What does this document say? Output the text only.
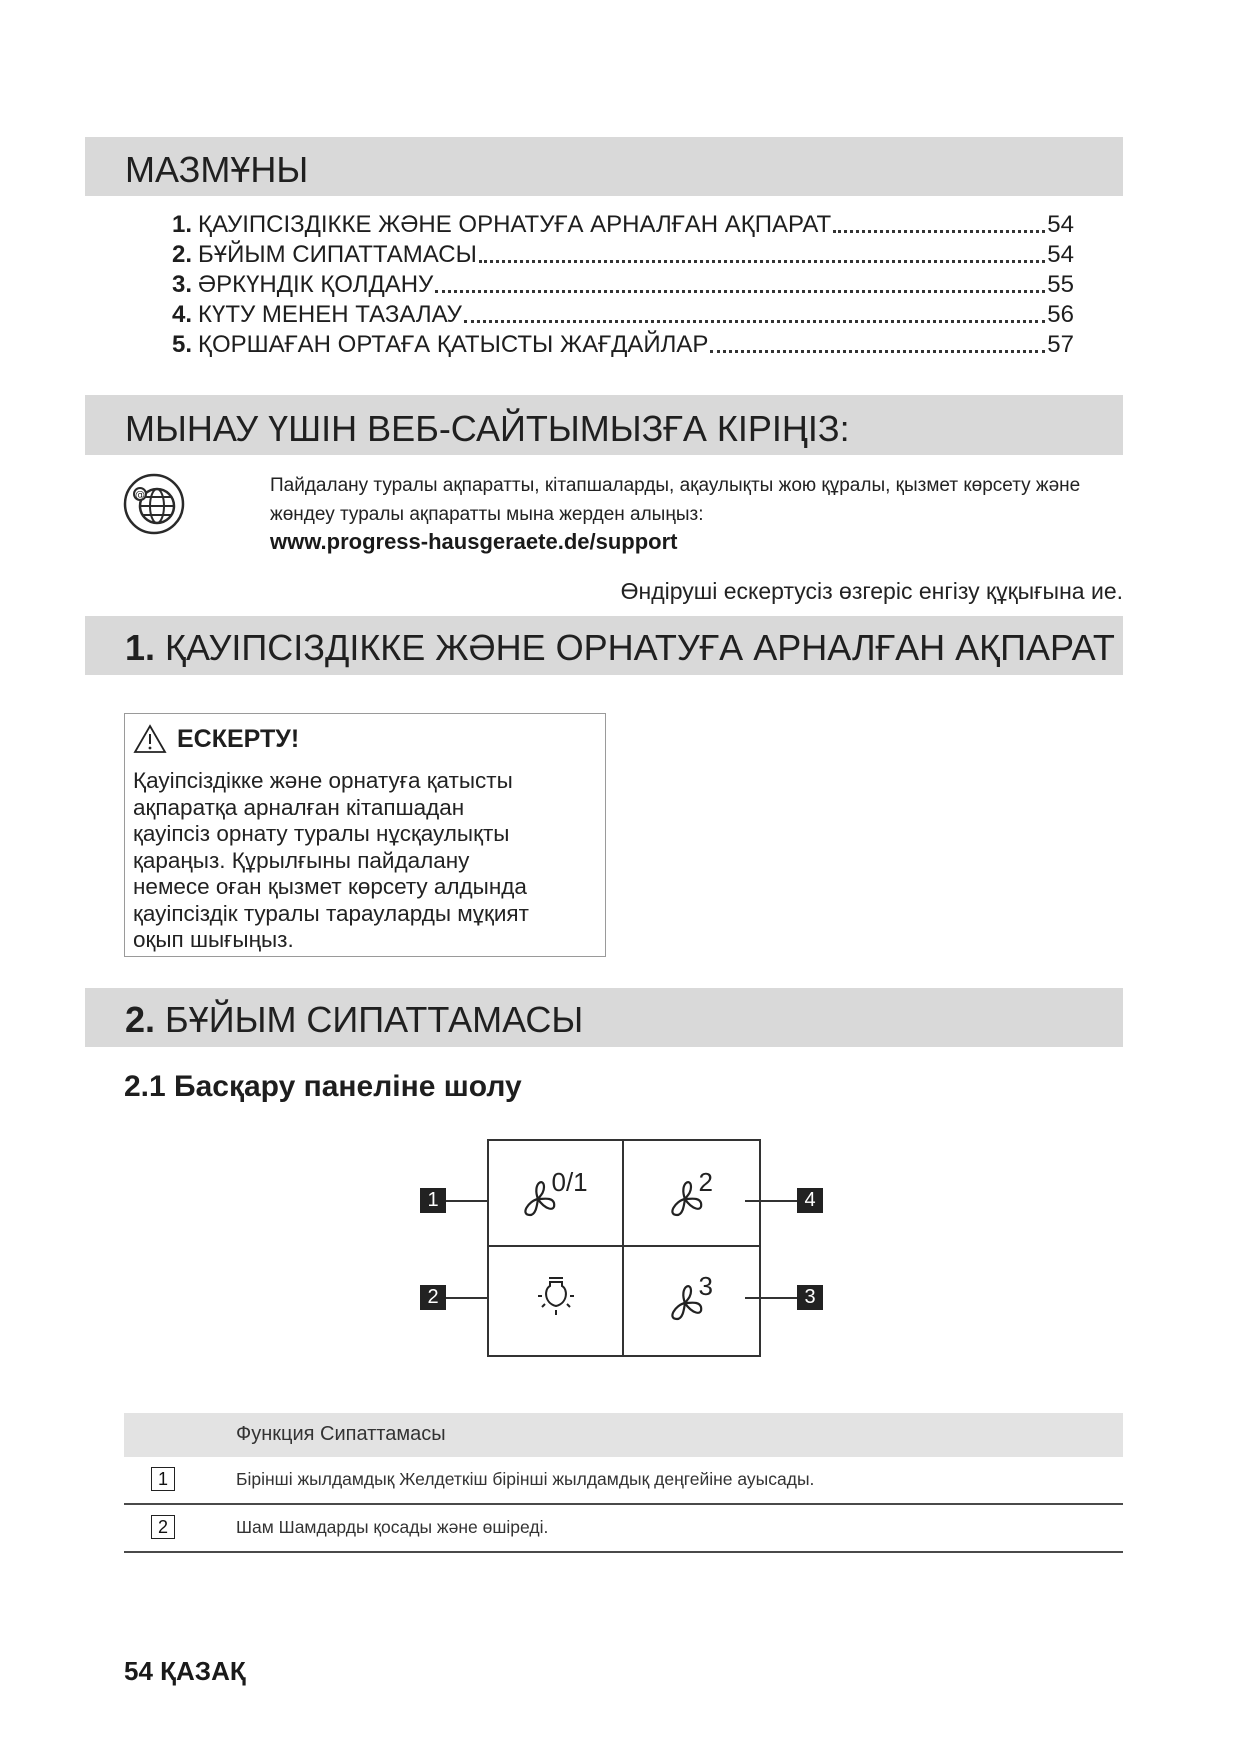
МАЗМҰНЫ
1. ҚАУІПСІЗДІККЕ ЖӘНЕ ОРНАТУҒА АРНАЛҒАН АҚПАРАТ	54
2. БҰЙЫМ СИПАТТАМАСЫ	54
3. ӘРКҮНДІК ҚОЛДАНУ	55
4. КҮТУ МЕНЕН ТАЗАЛАУ	56
5. ҚОРШАҒАН ОРТАҒА ҚАТЫСТЫ ЖАҒДАЙЛАР	57
МЫНАУ ҮШІН ВЕБ-САЙТЫМЫЗҒА КІРІҢІЗ:
@	Пайдалану туралы ақпаратты, кітапшаларды, ақаулықты жою құралы, қызмет көрсету және жөндеу туралы ақпаратты мына жерден алыңыз:
www.progress-hausgeraete.de/support
Өндіруші ескертусіз өзгеріс енгізу құқығына ие.
1. ҚАУІПСІЗДІККЕ ЖӘНЕ ОРНАТУҒА АРНАЛҒАН АҚПАРАТ
ЕСКЕРТУ!
Қауіпсіздікке және орнатуға қатысты
ақпаратқа арналған кітапшадан
қауіпсіз орнату туралы нұсқаулықты
қараңыз. Құрылғыны пайдалану
немесе оған қызмет көрсету алдында
қауіпсіздік туралы тарауларды мұқият
оқып шығыңыз.
2. БҰЙЫМ СИПАТТАМАСЫ
2.1 Басқару панеліне шолу
0/1	2
3
1	4
2	3
Функция Сипаттамасы
1	Бірінші жылдамдық Желдеткіш бірінші жылдамдық деңгейіне ауысады.
2	Шам Шамдарды қосады және өшіреді.
54 ҚАЗАҚ
